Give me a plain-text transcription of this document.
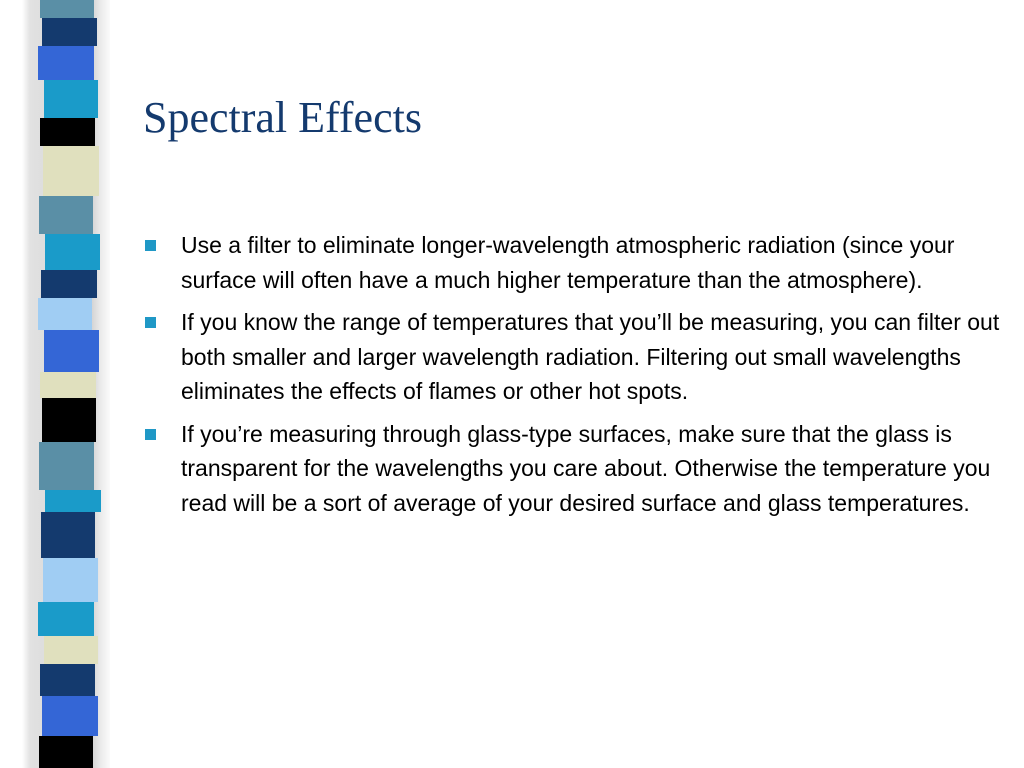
Spectral Effects
Use a filter to eliminate longer-wavelength atmospheric radiation (since your surface will often have a much higher temperature than the atmosphere).
If you know the range of temperatures that you’ll be measuring, you can filter out both smaller and larger wavelength radiation. Filtering out small wavelengths eliminates the effects of flames or other hot spots.
If you’re measuring through glass-type surfaces, make sure that the glass is transparent for the wavelengths you care about. Otherwise the temperature you read will be a sort of average of your desired surface and glass temperatures.
